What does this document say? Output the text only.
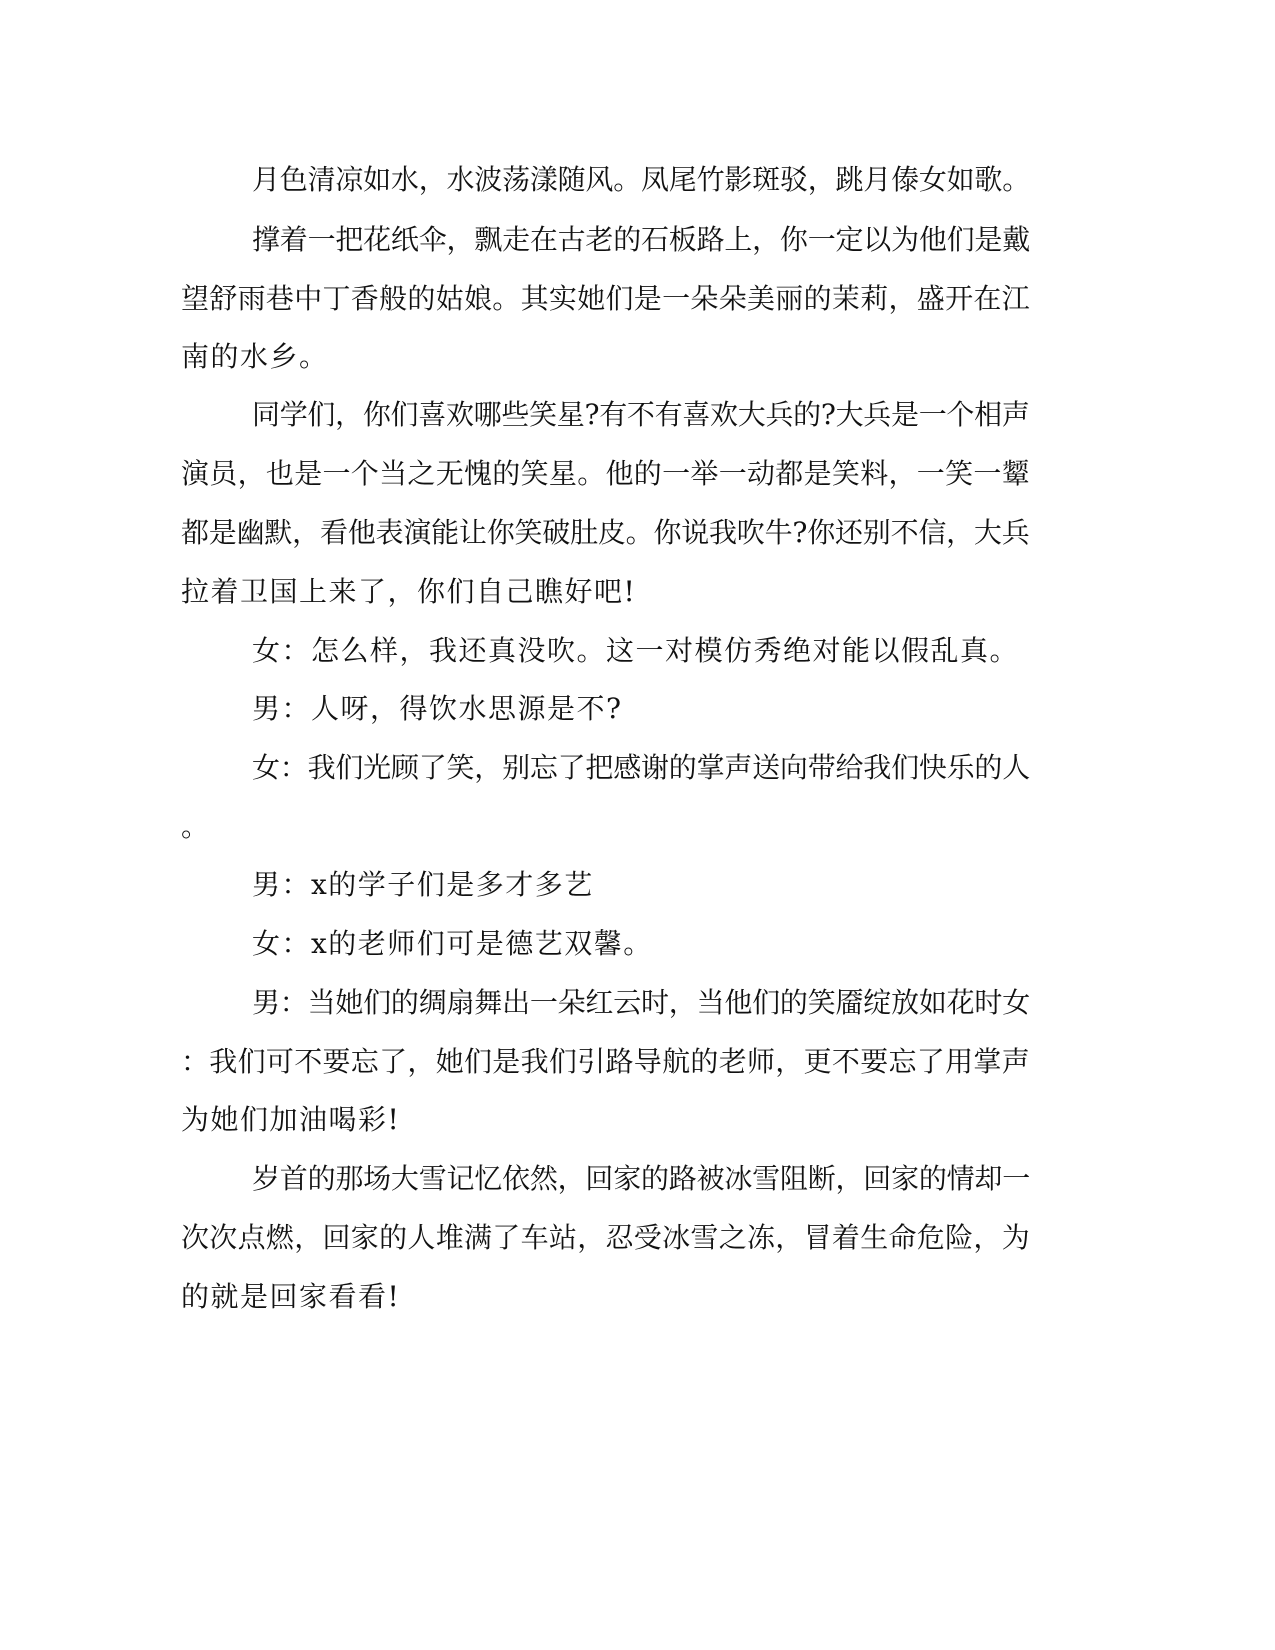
月色清凉如水，水波荡漾随风。凤尾竹影斑驳，跳月傣女如歌。
撑着一把花纸伞，飘走在古老的石板路上，你一定以为他们是戴
望舒雨巷中丁香般的姑娘。其实她们是一朵朵美丽的茉莉，盛开在江
南的水乡。
同学们，你们喜欢哪些笑星?有不有喜欢大兵的?大兵是一个相声
演员，也是一个当之无愧的笑星。他的一举一动都是笑料，一笑一颦
都是幽默，看他表演能让你笑破肚皮。你说我吹牛?你还别不信，大兵
拉着卫国上来了，你们自己瞧好吧!
女：怎么样，我还真没吹。这一对模仿秀绝对能以假乱真。
男：人呀，得饮水思源是不?
女：我们光顾了笑，别忘了把感谢的掌声送向带给我们快乐的人
。
男：x的学子们是多才多艺
女：x的老师们可是德艺双馨。
男：当她们的绸扇舞出一朵红云时，当他们的笑靥绽放如花时女
：我们可不要忘了，她们是我们引路导航的老师，更不要忘了用掌声
为她们加油喝彩!
岁首的那场大雪记忆依然，回家的路被冰雪阻断，回家的情却一
次次点燃，回家的人堆满了车站，忍受冰雪之冻，冒着生命危险，为
的就是回家看看!
